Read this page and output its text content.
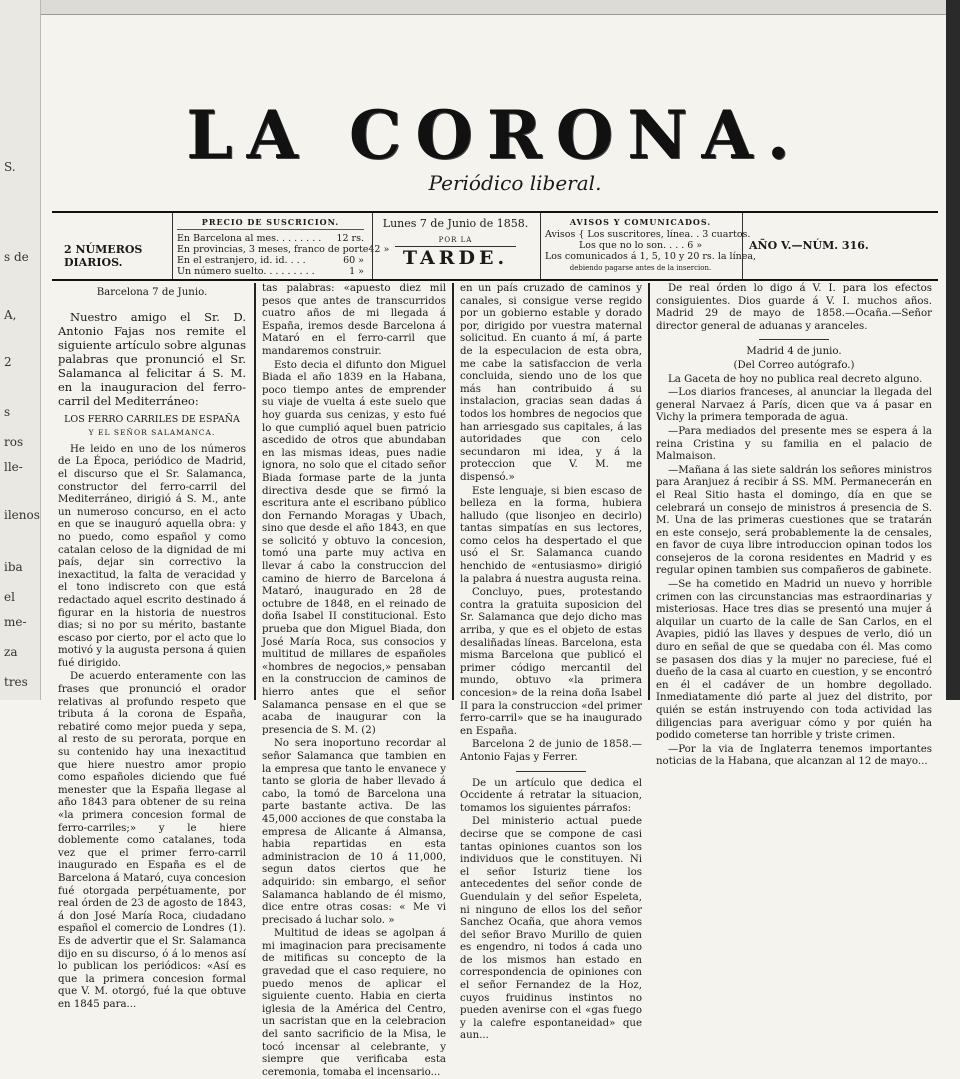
S.
s de
A,
2
s
ros
lle-
ilenos
iba
el
me-
za
tres
LA CORONA.
Periódico liberal.
2 NÚMEROS DIARIOS.
PRECIO DE SUSCRICION.
En Barcelona al mes. . . . . . . . 12 rs.
En provincias, 3 meses, franco de porte 42 »
En el estranjero, id. id. . . .	60 »
Un número suelto. . . . . . . . .	1 »
Lunes 7 de Junio de 1858.
POR LA
TARDE.
AVISOS Y COMUNICADOS.
Avisos { Los suscritores, línea. . 3 cuartos.
Los que no lo son. . . . 6 »
Los comunicados á 1, 5, 10 y 20 rs. la línea,
debiendo pagarse antes de la insercion.
AÑO V.—NÚM. 316.

Barcelona 7 de Junio.

Nuestro amigo el Sr. D. Antonio Fajas nos remite el siguiente artículo sobre algunas palabras que pronunció el Sr. Salamanca al felicitar á S. M. en la inauguracion del ferro-carril del Mediterráneo:

LOS FERRO CARRILES DE ESPAÑA

Y EL SEÑOR SALAMANCA.

He leido en uno de los números de La Época, periódico de Madrid, el discurso que el Sr. Salamanca, constructor del ferro-carril del Mediterráneo, dirigió á S. M., ante un numeroso concurso, en el acto en que se inauguró aquella obra: y no puedo, como español y como catalan celoso de la dignidad de mi país, dejar sin correctivo la inexactitud, la falta de veracidad y el tono indiscreto con que está redactado aquel escrito destinado á figurar en la historia de nuestros dias; si no por su mérito, bastante escaso por cierto, por el acto que lo motivó y la augusta persona á quien fué dirigido.

De acuerdo enteramente con las frases que pronunció el orador relativas al profundo respeto que tributa á la corona de España, rebatiré como mejor pueda y sepa, al resto de su perorata, porque en su contenido hay una inexactitud que hiere nuestro amor propio como españoles diciendo que fué menester que la España llegase al año 1843 para obtener de su reina «la primera concesion formal de ferro-carriles;» y le hiere doblemente como catalanes, toda vez que el primer ferro-carril inaugurado en España es el de Barcelona á Mataró, cuya concesion fué otorgada perpétuamente, por real órden de 23 de agosto de 1843, á don José María Roca, ciudadano español el comercio de Londres (1). Es de advertir que el Sr. Salamanca dijo en su discurso, ó á lo menos así lo publican los periódicos: «Así es que la primera concesion formal que V. M. otorgó, fué la que obtuve en 1845 para...

tas palabras: «apuesto diez mil pesos que antes de transcurridos cuatro años de mi llegada á España, iremos desde Barcelona á Mataró en el ferro-carril que mandaremos construir.

Esto decia el difunto don Miguel Biada el año 1839 en la Habana, poco tiempo antes de emprender su viaje de vuelta á este suelo que hoy guarda sus cenizas, y esto fué lo que cumplió aquel buen patricio ascedido de otros que abundaban en las mismas ideas, pues nadie ignora, no solo que el citado señor Biada formase parte de la junta directiva desde que se firmó la escritura ante el escribano público don Fernando Moragas y Ubach, sino que desde el año 1843, en que se solicitó y obtuvo la concesion, tomó una parte muy activa en llevar á cabo la construccion del camino de hierro de Barcelona á Mataró, inaugurado en 28 de octubre de 1848, en el reinado de doña Isabel II constitucional. Esto prueba que don Miguel Biada, don José María Roca, sus consocios y multitud de millares de españoles «hombres de negocios,» pensaban en la construccion de caminos de hierro antes que el señor Salamanca pensase en el que se acaba de inaugurar con la presencia de S. M. (2)

No sera inoportuno recordar al señor Salamanca que tambien en la empresa que tanto le envanece y tanto se gloria de haber llevado á cabo, la tomó de Barcelona una parte bastante activa. De las 45,000 acciones de que constaba la empresa de Alicante á Almansa, habia repartidas en esta administracion de 10 á 11,000, segun datos ciertos que he adquirido: sin embargo, el señor Salamanca hablando de él mismo, dice entre otras cosas: « Me vi precisado á luchar solo. »

Multitud de ideas se agolpan á mi imaginacion para precisamente de mitificas su concepto de la gravedad que el caso requiere, no puedo menos de aplicar el siguiente cuento. Habia en cierta iglesia de la América del Centro, un sacristan que en la celebracion del santo sacrificio de la Misa, le tocó incensar al celebrante, y siempre que verificaba esta ceremonia, tomaba el incensario...

en un país cruzado de caminos y canales, si consigue verse regido por un gobierno estable y dorado por, dirigido por vuestra maternal solicitud. En cuanto á mí, á parte de la especulacion de esta obra, me cabe la satisfaccion de verla concluida, siendo uno de los que más han contribuido á su instalacion, gracias sean dadas á todos los hombres de negocios que han arriesgado sus capitales, á las autoridades que con celo secundaron mi idea, y á la proteccion que V. M. me dispensó.»

Este lenguaje, si bien escaso de belleza en la forma, hubiera halludo (que lisonjeo en decirlo) tantas simpatías en sus lectores, como celos ha despertado el que usó el Sr. Salamanca cuando henchido de «entusiasmo» dirigió la palabra á nuestra augusta reina.

Concluyo, pues, protestando contra la gratuita suposicion del Sr. Salamanca que dejo dicho mas arriba, y que es el objeto de estas desaliñadas líneas. Barcelona, esta misma Barcelona que publicó el primer código mercantil del mundo, obtuvo «la primera concesion» de la reina doña Isabel II para la construccion «del primer ferro-carril» que se ha inaugurado en España.

Barcelona 2 de junio de 1858.—Antonio Fajas y Ferrer.

De un artículo que dedica el Occidente á retratar la situacion, tomamos los siguientes párrafos:

Del ministerio actual puede decirse que se compone de casi tantas opiniones cuantos son los individuos que le constituyen. Ni el señor Isturiz tiene los antecedentes del señor conde de Guendulain y del señor Espeleta, ni ninguno de ellos los del señor Sanchez Ocaña, que ahora vemos del señor Bravo Murillo de quien es engendro, ni todos á cada uno de los mismos han estado en correspondencia de opiniones con el señor Fernandez de la Hoz, cuyos fruidinus instintos no pueden avenirse con el «gas fuego y la calefre espontaneidad» que aun...

De real órden lo digo á V. I. para los efectos consiguientes. Dios guarde á V. I. muchos años. Madrid 29 de mayo de 1858.—Ocaña.—Señor director general de aduanas y aranceles.

Madrid 4 de junio.

(Del Correo autógrafo.)

La Gaceta de hoy no publica real decreto alguno.

—Los diarios franceses, al anunciar la llegada del general Narvaez á París, dicen que va á pasar en Vichy la primera temporada de agua.

—Para mediados del presente mes se espera á la reina Cristina y su familia en el palacio de Malmaison.

—Mañana á las siete saldrán los señores ministros para Aranjuez á recibir á SS. MM. Permanecerán en el Real Sitio hasta el domingo, día en que se celebrará un consejo de ministros á presencia de S. M. Una de las primeras cuestiones que se tratarán en este consejo, será probablemente la de censales, en favor de cuya libre introduccion opinan todos los consejeros de la corona residentes en Madrid y es regular opinen tambien sus compañeros de gabinete.

—Se ha cometido en Madrid un nuevo y horrible crimen con las circunstancias mas estraordinarias y misteriosas. Hace tres dias se presentó una mujer á alquilar un cuarto de la calle de San Carlos, en el Avapies, pidió las llaves y despues de verlo, dió un duro en señal de que se quedaba con él. Mas como se pasasen dos dias y la mujer no pareciese, fué el dueño de la casa al cuarto en cuestion, y se encontró en él el cadáver de un hombre degollado. Inmediatamente dió parte al juez del distrito, por quién se están instruyendo con toda actividad las diligencias para averiguar cómo y por quién ha podido cometerse tan horrible y triste crimen.

—Por la via de Inglaterra tenemos importantes noticias de la Habana, que alcanzan al 12 de mayo...
